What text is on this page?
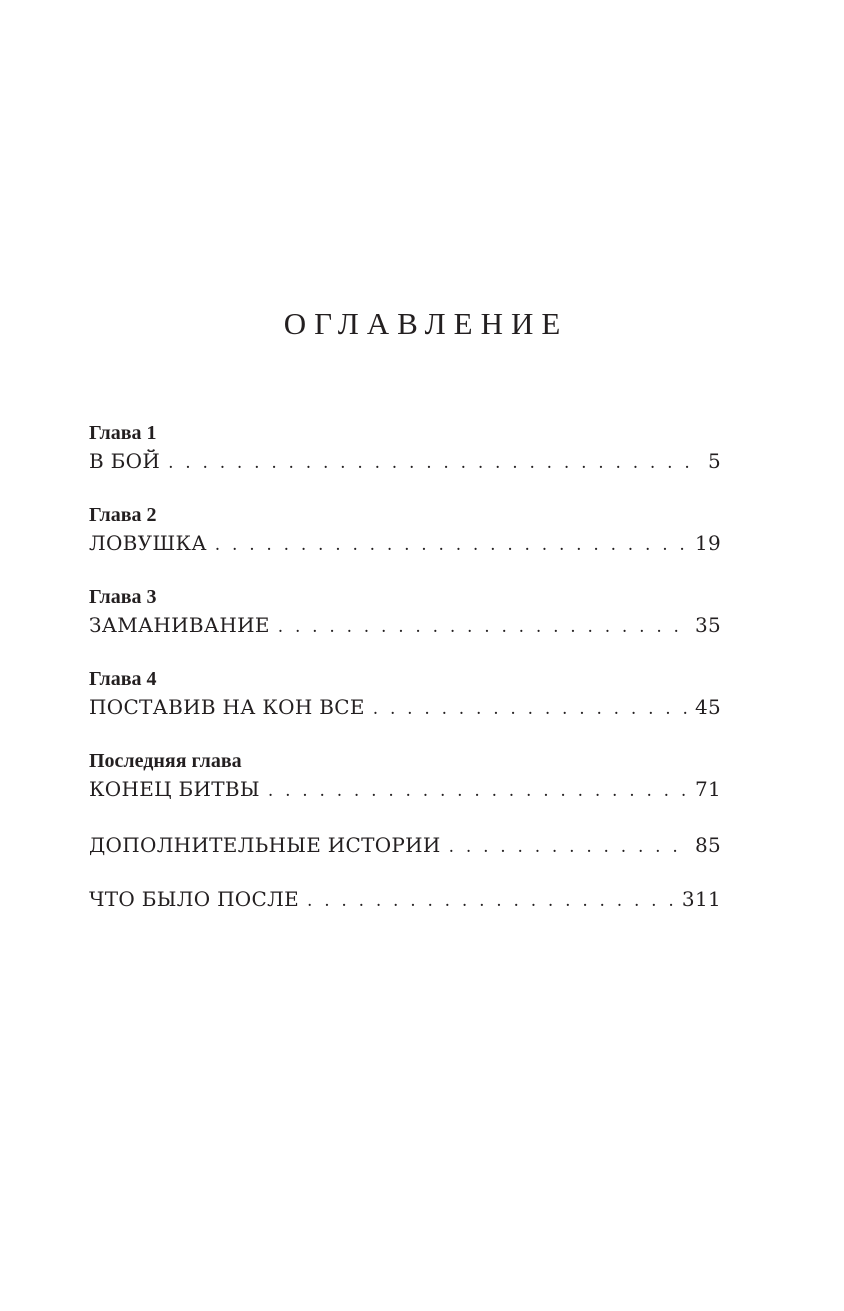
ОГЛАВЛЕНИЕ
Глава 1
В БОЙ . . .	5
Глава 2
ЛОВУШКА . . .	19
Глава 3
ЗАМАНИВАНИЕ . . .	35
Глава 4
ПОСТАВИВ НА КОН ВСЕ . . .	45
Последняя глава
КОНЕЦ БИТВЫ . . .	71
ДОПОЛНИТЕЛЬНЫЕ ИСТОРИИ . . .	85
ЧТО БЫЛО ПОСЛЕ . . .	311
